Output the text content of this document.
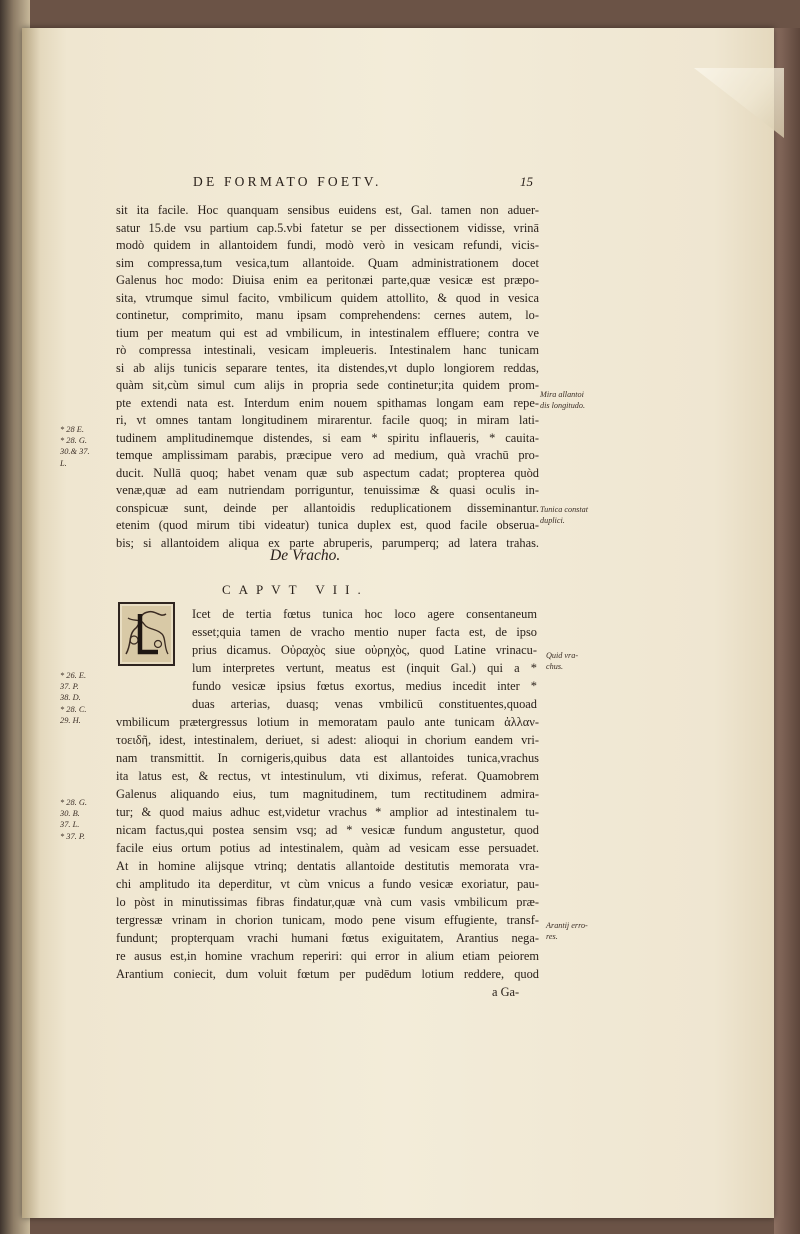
DE FORMATO FOETV.	15
sit ita facile. Hoc quanquam sensibus euidens est, Gal. tamen non aduer-
satur 15.de vsu partium cap.5.vbi fatetur se per dissectionem vidisse, vrinā
modò quidem in allantoidem fundi, modò verò in vesicam refundi, vicis-
sim compressa,tum vesica,tum allantoide. Quam administrationem docet
Galenus hoc modo: Diuisa enim ea peritonæi parte,quæ vesicæ est præpo-
sita, vtrumque simul facito, vmbilicum quidem attollito, & quod in vesica
continetur, comprimito, manu ipsam comprehendens: cernes autem, lo-
tium per meatum qui est ad vmbilicum, in intestinalem effluere; contra ve
rò compressa intestinali, vesicam impleueris. Intestinalem hanc tunicam
si ab alijs tunicis separare tentes, ita distendes,vt duplo longiorem reddas,
quàm sit,cùm simul cum alijs in propria sede continetur;ita quidem prom-
pte extendi nata est. Interdum enim nouem spithamas longam eam repe-
ri, vt omnes tantam longitudinem mirarentur. facile quoq; in miram lati-
tudinem amplitudinemque distendes, si eam * spiritu inflaueris, * cauita-
temque amplissimam parabis, præcipue vero ad medium, quà vrachū pro-
ducit. Nullā quoq; habet venam quæ sub aspectum cadat; propterea quòd
venæ,quæ ad eam nutriendam porriguntur, tenuissimæ & quasi oculis in-
conspicuæ sunt, deinde per allantoidis reduplicationem disseminantur.
etenim (quod mirum tibi videatur) tunica duplex est, quod facile obserua-
bis; si allantoidem aliqua ex parte abruperis, parumperq; ad latera trahas.
De Vracho.
CAPVT VII.
Icet de tertia fœtus tunica hoc loco agere consentaneum
esset;quia tamen de vracho mentio nuper facta est, de ipso
prius dicamus. Οὐραχὸς siue οὐρηχὸς, quod Latine vrinacu-
lum interpretes vertunt, meatus est (inquit Gal.) qui a *
fundo vesicæ ipsius fœtus exortus, medius incedit inter *
duas arterias, duasq; venas vmbilicū constituentes,quoad
vmbilicum prætergressus lotium in memoratam paulo ante tunicam ἀλλαν-
τοειδῆ, idest, intestinalem, deriuet, si adest: alioqui in chorium eandem vri-
nam transmittit. In cornigeris,quibus data est allantoides tunica,vrachus
ita latus est, & rectus, vt intestinulum, vti diximus, referat. Quamobrem
Galenus aliquando eius, tum magnitudinem, tum rectitudinem admira-
tur; & quod maius adhuc est,videtur vrachus * amplior ad intestinalem tu-
nicam factus,qui postea sensim vsq; ad * vesicæ fundum angustetur, quod
facile eius ortum potius ad intestinalem, quàm ad vesicam esse persuadet.
At in homine alijsque vtrinq; dentatis allantoide destitutis memorata vra-
chi amplitudo ita deperditur, vt cùm vnicus a fundo vesicæ exoriatur, pau-
lo pòst in minutissimas fibras findatur,quæ vnà cum vasis vmbilicum præ-
tergressæ vrinam in chorion tunicam, modo pene visum effugiente, transf-
fundunt; propterquam vrachi humani fœtus exiguitatem, Arantius nega-
re ausus est,in homine vrachum reperiri: qui error in alium etiam peiorem
Arantium coniecit, dum voluit fœtum per pudēdum lotium reddere, quod
a Ga-
Mira allantoi
dis longitudo.
Tunica constat
duplici.
Quid vra-
chus.
Arantij erro-
res.
* 28 E.
* 28. G.
30.& 37.
L.
* 26. E.
37. P.
38. D.
* 28. C.
29. H.
* 28. G.
30. B.
37. L.
* 37. P.
